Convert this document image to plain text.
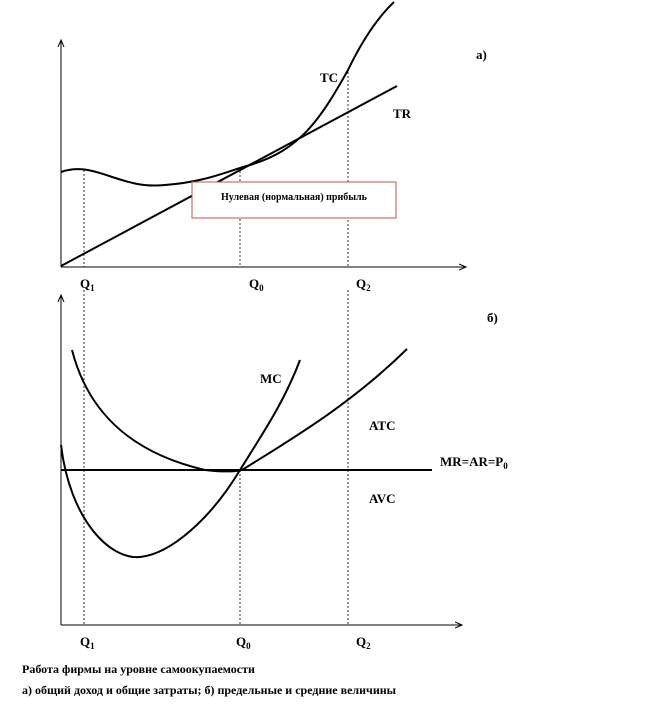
Нулевая (нормальная) прибыль
TC
TR
а)
$Q_1$	$Q_0$	$Q_2$
MC
ATC
AVC
$MR=AR=P_0$
б)
$Q_1$	$Q_0$	$Q_2$
Работа фирмы на уровне самоокупаемости
а) общий доход и общие затраты; б) предельные и средние величины
